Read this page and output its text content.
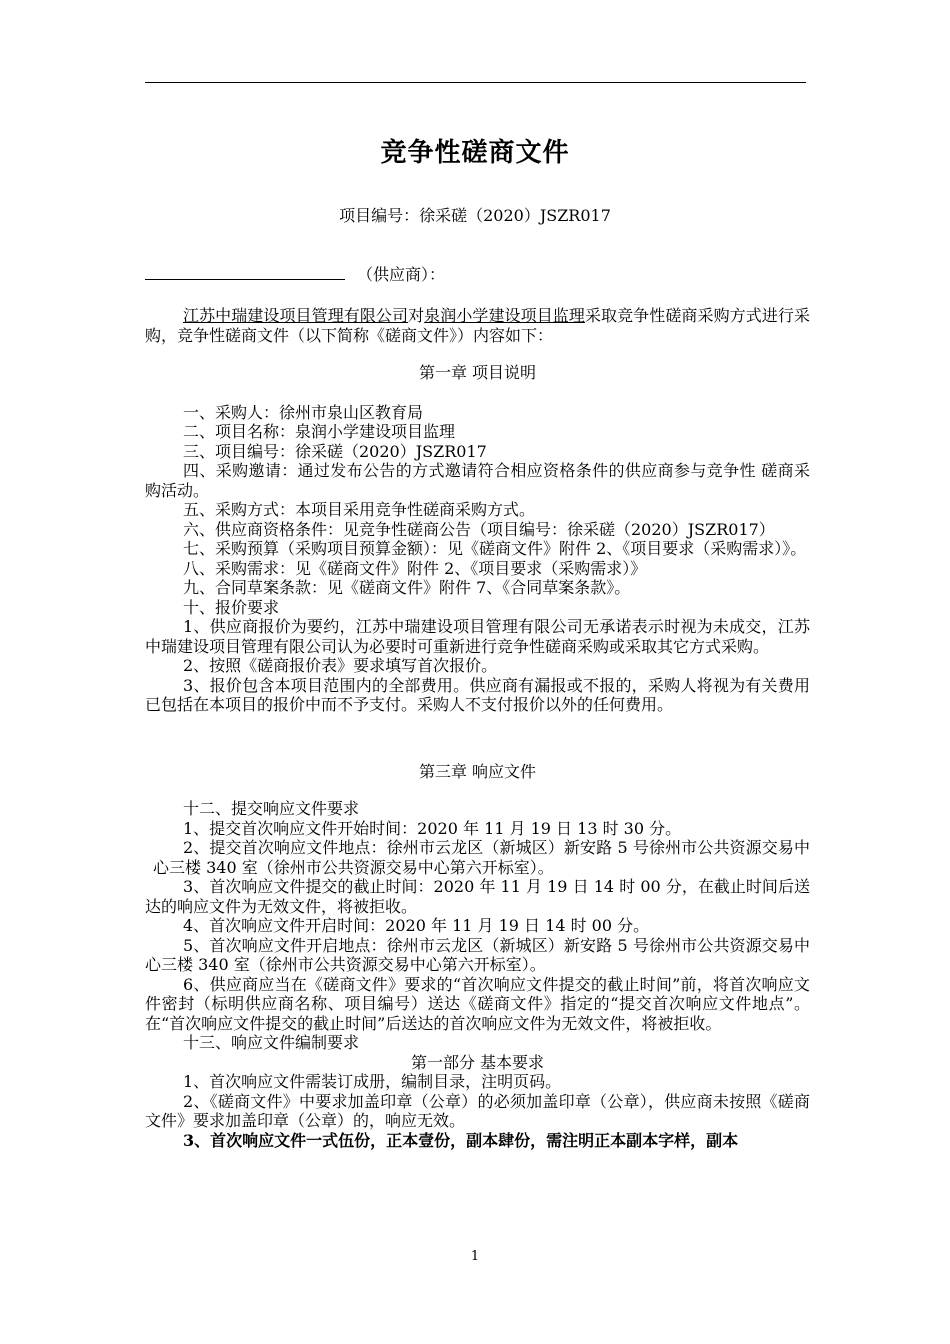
竞争性磋商文件
项目编号：徐采磋（2020）JSZR017
（供应商）：

江苏中瑞建设项目管理有限公司对泉润小学建设项目监理采取竞争性磋商采购方式进行采购，竞争性磋商文件（以下简称《磋商文件》）内容如下：

第一章 项目说明

一、采购人：徐州市泉山区教育局

二、项目名称：泉润小学建设项目监理

三、项目编号：徐采磋（2020）JSZR017

四、采购邀请：通过发布公告的方式邀请符合相应资格条件的供应商参与竞争性 磋商采购活动。

五、采购方式：本项目采用竞争性磋商采购方式。

六、供应商资格条件：见竞争性磋商公告（项目编号：徐采磋（2020）JSZR017）

七、采购预算（采购项目预算金额）：见《磋商文件》附件 2、《项目要求（采购需求）》。

八、采购需求：见《磋商文件》附件 2、《项目要求（采购需求）》

九、合同草案条款：见《磋商文件》附件 7、《合同草案条款》。

十、报价要求

1、供应商报价为要约，江苏中瑞建设项目管理有限公司无承诺表示时视为未成交，江苏中瑞建设项目管理有限公司认为必要时可重新进行竞争性磋商采购或采取其它方式采购。

2、按照《磋商报价表》要求填写首次报价。

3、报价包含本项目范围内的全部费用。供应商有漏报或不报的，采购人将视为有关费用已包括在本项目的报价中而不予支付。采购人不支付报价以外的任何费用。

第三章 响应文件

十二、提交响应文件要求

1、提交首次响应文件开始时间：2020 年 11 月 19 日 13 时 30 分。

2、提交首次响应文件地点：徐州市云龙区（新城区）新安路 5 号徐州市公共资源交易中心三楼 340 室（徐州市公共资源交易中心第六开标室）。

3、首次响应文件提交的截止时间：2020 年 11 月 19 日 14 时 00 分，在截止时间后送达的响应文件为无效文件，将被拒收。

4、首次响应文件开启时间：2020 年 11 月 19 日 14 时 00 分。

5、首次响应文件开启地点：徐州市云龙区（新城区）新安路 5 号徐州市公共资源交易中心三楼 340 室（徐州市公共资源交易中心第六开标室）。

6、供应商应当在《磋商文件》要求的“首次响应文件提交的截止时间”前，将首次响应文件密封（标明供应商名称、项目编号）送达《磋商文件》指定的“提交首次响应文件地点”。 在“首次响应文件提交的截止时间”后送达的首次响应文件为无效文件，将被拒收。

十三、响应文件编制要求

第一部分 基本要求

1、首次响应文件需装订成册，编制目录，注明页码。

2、《磋商文件》中要求加盖印章（公章）的必须加盖印章（公章），供应商未按照《磋商文件》要求加盖印章（公章）的，响应无效。

3、首次响应文件一式伍份，正本壹份，副本肆份，需注明正本副本字样，副本

1
